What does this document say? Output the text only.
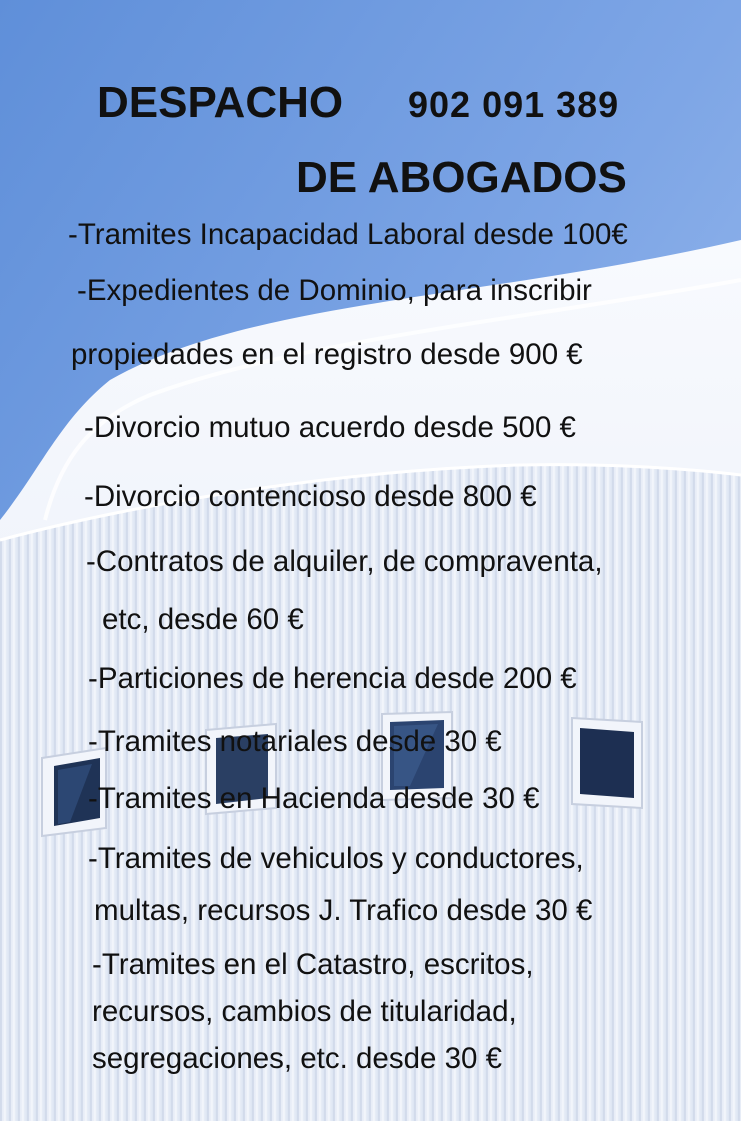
DESPACHO 902 091 389
DE ABOGADOS
-Tramites Incapacidad Laboral desde 100€
-Expedientes de Dominio, para inscribir
propiedades en el registro desde 900 €
-Divorcio mutuo acuerdo desde 500 €
-Divorcio contencioso desde 800 €
-Contratos de alquiler, de compraventa,
etc, desde 60 €
-Particiones de herencia desde 200 €
-Tramites notariales desde 30 €
-Tramites en Hacienda desde 30 €
-Tramites de vehiculos y conductores,
multas, recursos J. Trafico desde 30 €
-Tramites en el Catastro, escritos,
recursos, cambios de titularidad,
segregaciones, etc. desde 30 €
